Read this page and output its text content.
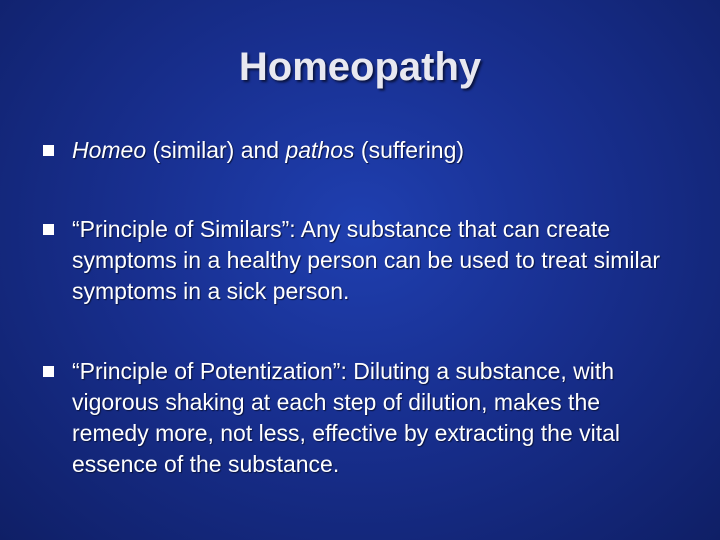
Homeopathy
Homeo (similar) and pathos (suffering)
“Principle of Similars”: Any substance that can create symptoms in a healthy person can be used to treat similar symptoms in a sick person.
“Principle of Potentization”: Diluting a substance, with vigorous shaking at each step of dilution, makes the remedy more, not less, effective by extracting the vital essence of the substance.
